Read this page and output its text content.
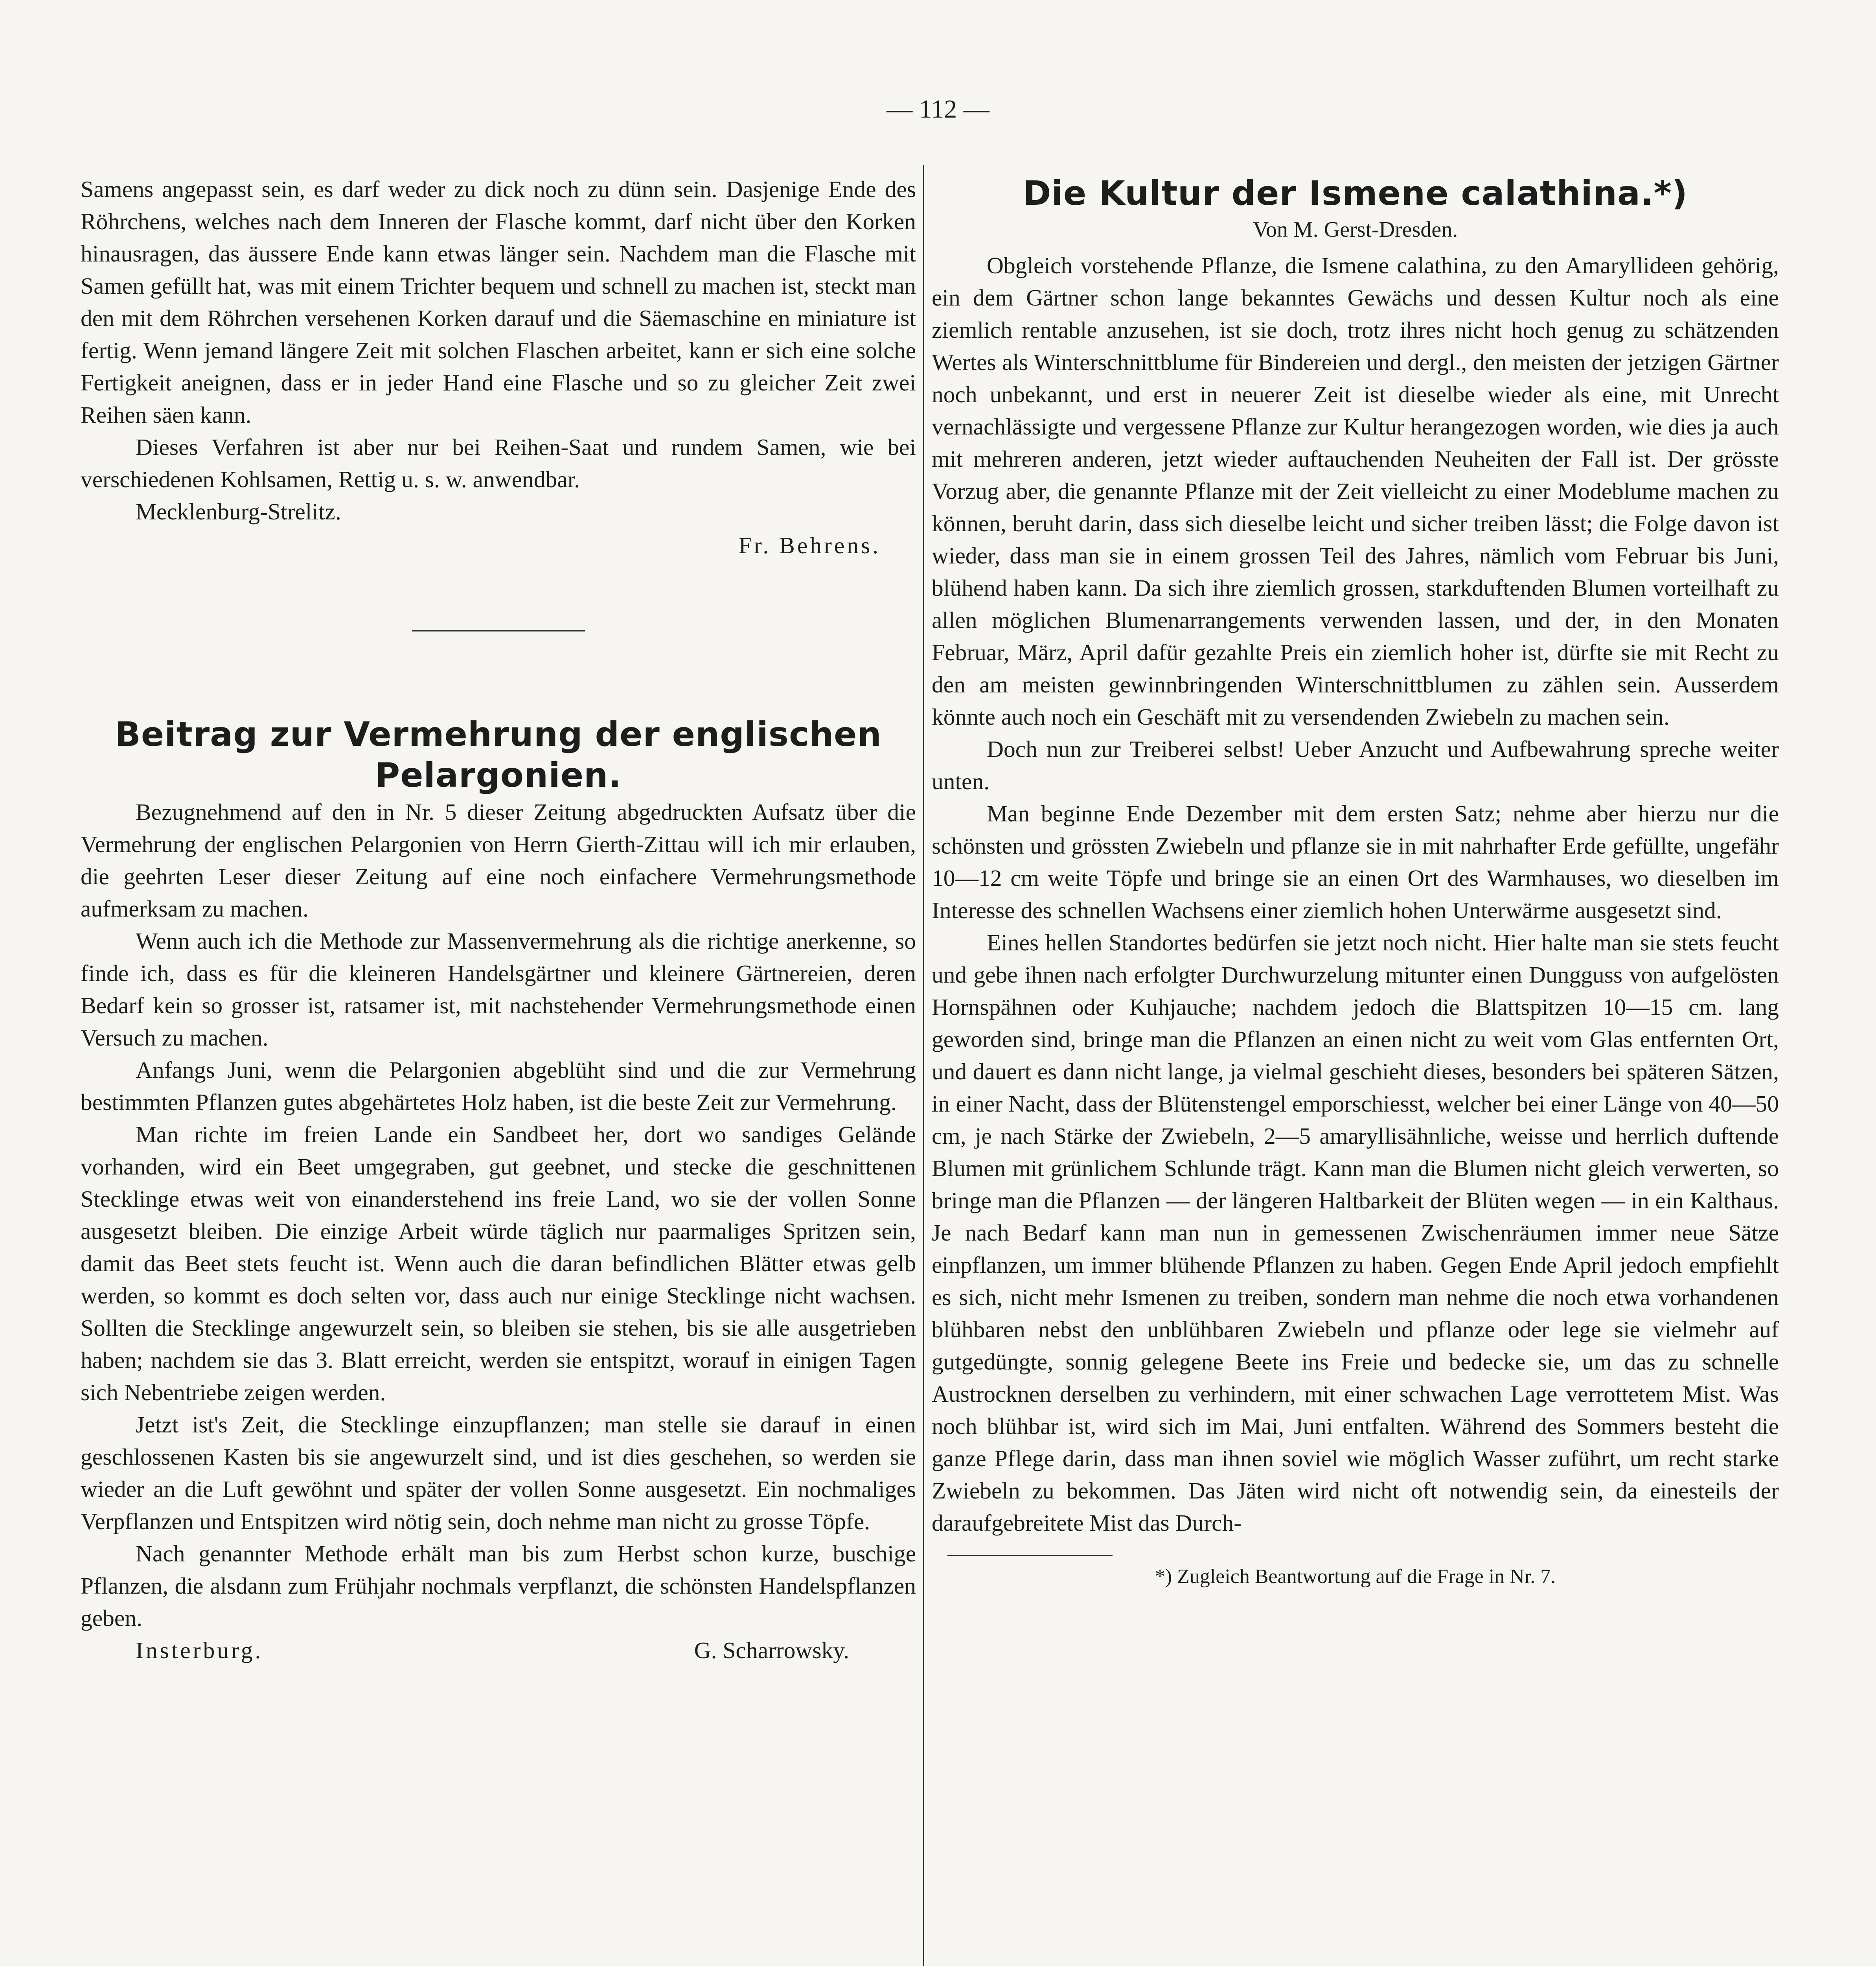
— 112 —

Samens angepasst sein, es darf weder zu dick noch zu dünn sein. Dasjenige Ende des Röhrchens, welches nach dem Inneren der Flasche kommt, darf nicht über den Korken hinausragen, das äussere Ende kann etwas länger sein. Nachdem man die Flasche mit Samen gefüllt hat, was mit einem Trichter bequem und schnell zu machen ist, steckt man den mit dem Röhrchen versehenen Korken darauf und die Säemaschine en miniature ist fertig. Wenn jemand längere Zeit mit solchen Flaschen arbeitet, kann er sich eine solche Fertigkeit aneignen, dass er in jeder Hand eine Flasche und so zu gleicher Zeit zwei Reihen säen kann.

Dieses Verfahren ist aber nur bei Reihen-Saat und rundem Samen, wie bei verschiedenen Kohlsamen, Rettig u. s. w. anwendbar.

Mecklenburg-Strelitz.

Fr. Behrens.
Beitrag zur Vermehrung der englischen Pelargonien.

Bezugnehmend auf den in Nr. 5 dieser Zeitung abgedruckten Aufsatz über die Vermehrung der englischen Pelargonien von Herrn Gierth-Zittau will ich mir erlauben, die geehrten Leser dieser Zeitung auf eine noch einfachere Vermehrungsmethode aufmerksam zu machen.

Wenn auch ich die Methode zur Massenvermehrung als die richtige anerkenne, so finde ich, dass es für die kleineren Handelsgärtner und kleinere Gärtnereien, deren Bedarf kein so grosser ist, ratsamer ist, mit nachstehender Vermehrungsmethode einen Versuch zu machen.

Anfangs Juni, wenn die Pelargonien abgeblüht sind und die zur Vermehrung bestimmten Pflanzen gutes abgehärtetes Holz haben, ist die beste Zeit zur Vermehrung.

Man richte im freien Lande ein Sandbeet her, dort wo sandiges Gelände vorhanden, wird ein Beet umgegraben, gut geebnet, und stecke die geschnittenen Stecklinge etwas weit von einanderstehend ins freie Land, wo sie der vollen Sonne ausgesetzt bleiben. Die einzige Arbeit würde täglich nur paarmaliges Spritzen sein, damit das Beet stets feucht ist. Wenn auch die daran befindlichen Blätter etwas gelb werden, so kommt es doch selten vor, dass auch nur einige Stecklinge nicht wachsen. Sollten die Stecklinge angewurzelt sein, so bleiben sie stehen, bis sie alle ausgetrieben haben; nachdem sie das 3. Blatt erreicht, werden sie entspitzt, worauf in einigen Tagen sich Nebentriebe zeigen werden.

Jetzt ist's Zeit, die Stecklinge einzupflanzen; man stelle sie darauf in einen geschlossenen Kasten bis sie angewurzelt sind, und ist dies geschehen, so werden sie wieder an die Luft gewöhnt und später der vollen Sonne ausgesetzt. Ein nochmaliges Verpflanzen und Entspitzen wird nötig sein, doch nehme man nicht zu grosse Töpfe.

Nach genannter Methode erhält man bis zum Herbst schon kurze, buschige Pflanzen, die alsdann zum Frühjahr nochmals verpflanzt, die schönsten Handelspflanzen geben.

Insterburg.	G. Scharrowsky.
Die Kultur der Ismene calathina.*)
Von M. Gerst-Dresden.

Obgleich vorstehende Pflanze, die Ismene calathina, zu den Amaryllideen gehörig, ein dem Gärtner schon lange bekanntes Gewächs und dessen Kultur noch als eine ziemlich rentable anzusehen, ist sie doch, trotz ihres nicht hoch genug zu schätzenden Wertes als Winterschnittblume für Bindereien und dergl., den meisten der jetzigen Gärtner noch unbekannt, und erst in neuerer Zeit ist dieselbe wieder als eine, mit Unrecht vernachlässigte und vergessene Pflanze zur Kultur herangezogen worden, wie dies ja auch mit mehreren anderen, jetzt wieder auftauchenden Neuheiten der Fall ist. Der grösste Vorzug aber, die genannte Pflanze mit der Zeit vielleicht zu einer Modeblume machen zu können, beruht darin, dass sich dieselbe leicht und sicher treiben lässt; die Folge davon ist wieder, dass man sie in einem grossen Teil des Jahres, nämlich vom Februar bis Juni, blühend haben kann. Da sich ihre ziemlich grossen, starkduftenden Blumen vorteilhaft zu allen möglichen Blumenarrangements verwenden lassen, und der, in den Monaten Februar, März, April dafür gezahlte Preis ein ziemlich hoher ist, dürfte sie mit Recht zu den am meisten gewinnbringenden Winterschnittblumen zu zählen sein. Ausserdem könnte auch noch ein Geschäft mit zu versendenden Zwiebeln zu machen sein.

Doch nun zur Treiberei selbst! Ueber Anzucht und Aufbewahrung spreche weiter unten.

Man beginne Ende Dezember mit dem ersten Satz; nehme aber hierzu nur die schönsten und grössten Zwiebeln und pflanze sie in mit nahrhafter Erde gefüllte, ungefähr 10—12 cm weite Töpfe und bringe sie an einen Ort des Warmhauses, wo dieselben im Interesse des schnellen Wachsens einer ziemlich hohen Unterwärme ausgesetzt sind.

Eines hellen Standortes bedürfen sie jetzt noch nicht. Hier halte man sie stets feucht und gebe ihnen nach erfolgter Durchwurzelung mitunter einen Dungguss von aufgelösten Hornspähnen oder Kuhjauche; nachdem jedoch die Blattspitzen 10—15 cm. lang geworden sind, bringe man die Pflanzen an einen nicht zu weit vom Glas entfernten Ort, und dauert es dann nicht lange, ja vielmal geschieht dieses, besonders bei späteren Sätzen, in einer Nacht, dass der Blütenstengel emporschiesst, welcher bei einer Länge von 40—50 cm, je nach Stärke der Zwiebeln, 2—5 amaryllisähnliche, weisse und herrlich duftende Blumen mit grünlichem Schlunde trägt. Kann man die Blumen nicht gleich verwerten, so bringe man die Pflanzen — der längeren Haltbarkeit der Blüten wegen — in ein Kalthaus. Je nach Bedarf kann man nun in gemessenen Zwischenräumen immer neue Sätze einpflanzen, um immer blühende Pflanzen zu haben. Gegen Ende April jedoch empfiehlt es sich, nicht mehr Ismenen zu treiben, sondern man nehme die noch etwa vorhandenen blühbaren nebst den unblühbaren Zwiebeln und pflanze oder lege sie vielmehr auf gutgedüngte, sonnig gelegene Beete ins Freie und bedecke sie, um das zu schnelle Austrocknen derselben zu verhindern, mit einer schwachen Lage verrottetem Mist. Was noch blühbar ist, wird sich im Mai, Juni entfalten. Während des Sommers besteht die ganze Pflege darin, dass man ihnen soviel wie möglich Wasser zuführt, um recht starke Zwiebeln zu bekommen. Das Jäten wird nicht oft notwendig sein, da einesteils der daraufgebreitete Mist das Durch-

*) Zugleich Beantwortung auf die Frage in Nr. 7.
